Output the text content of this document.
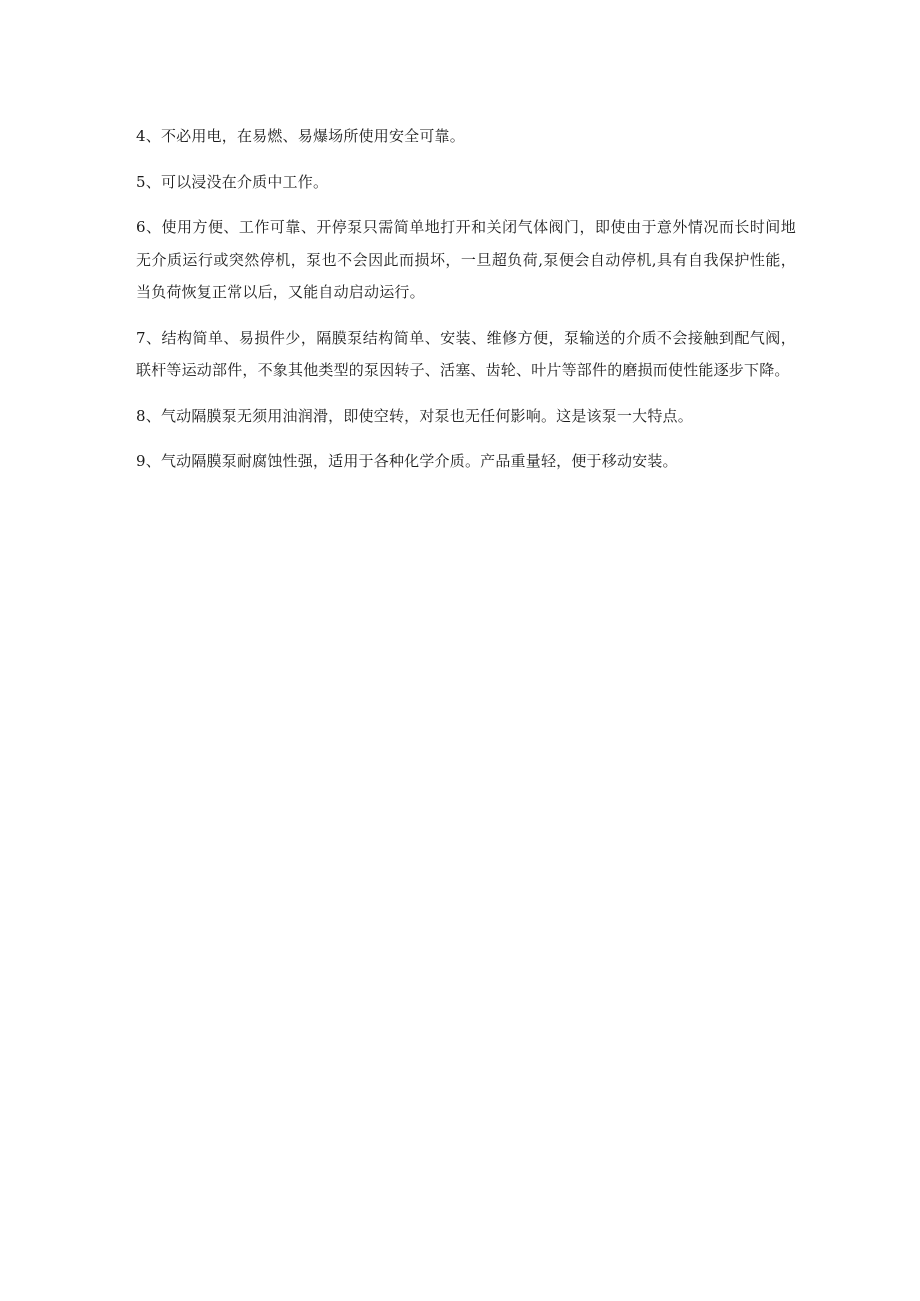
4、不必用电，在易燃、易爆场所使用安全可靠。

5、可以浸没在介质中工作。

6、使用方便、工作可靠、开停泵只需简单地打开和关闭气体阀门，即使由于意外情况而长时间地无介质运行或突然停机，泵也不会因此而损坏，一旦超负荷,泵便会自动停机,具有自我保护性能，当负荷恢复正常以后，又能自动启动运行。

7、结构简单、易损件少，隔膜泵结构简单、安装、维修方便，泵输送的介质不会接触到配气阀，联杆等运动部件，不象其他类型的泵因转子、活塞、齿轮、叶片等部件的磨损而使性能逐步下降。

8、气动隔膜泵无须用油润滑，即使空转，对泵也无任何影响。这是该泵一大特点。

9、气动隔膜泵耐腐蚀性强，适用于各种化学介质。产品重量轻，便于移动安装。
